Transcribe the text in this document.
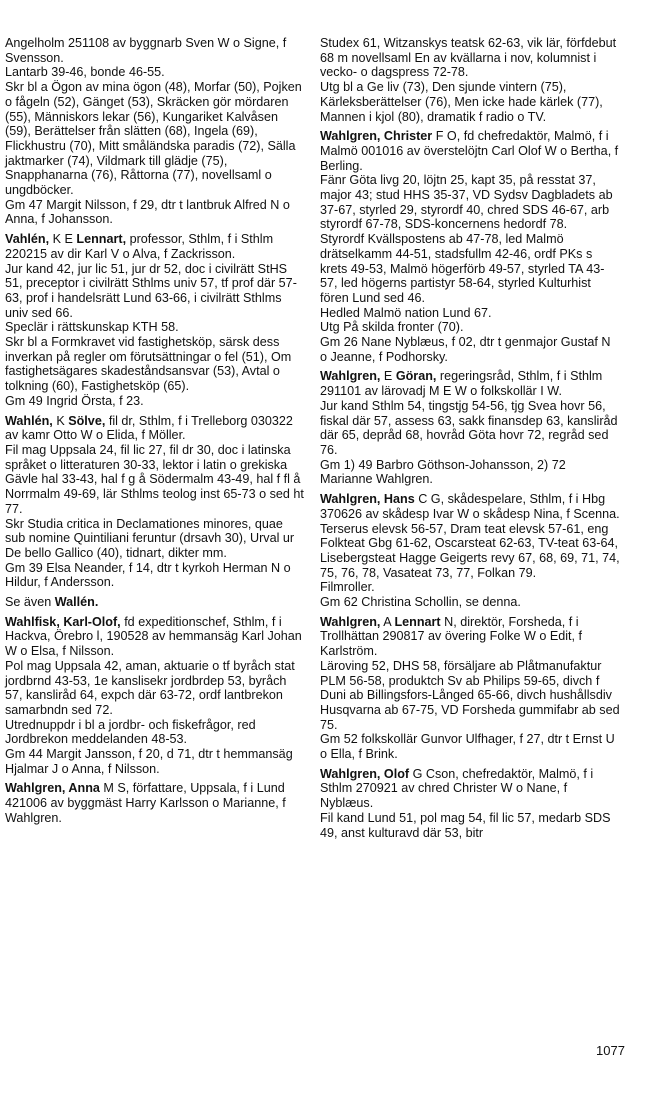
Angelholm 251108 av byggnarb Sven W o Signe, f Svensson.

Lantarb 39-46, bonde 46-55.

Skr bl a Ögon av mina ögon (48), Morfar (50), Pojken o fågeln (52), Gänget (53), Skräcken gör mördaren (55), Människors lekar (56), Kungariket Kalvåsen (59), Berättelser från slätten (68), Ingela (69), Flickhustru (70), Mitt småländska paradis (72), Sälla jaktmarker (74), Vildmark till glädje (75), Snapphanarna (76), Råttorna (77), novellsaml o ungdböcker.

Gm 47 Margit Nilsson, f 29, dtr t lantbruk Alfred N o Anna, f Johansson.

Vahlén, K E Lennart, professor, Sthlm, f i Sthlm 220215 av dir Karl V o Alva, f Zackrisson.

Jur kand 42, jur lic 51, jur dr 52, doc i civilrätt StHS 51, preceptor i civilrätt Sthlms univ 57, tf prof där 57-63, prof i handelsrätt Lund 63-66, i civilrätt Sthlms univ sed 66.

Speclär i rättskunskap KTH 58.

Skr bl a Formkravet vid fastighetsköp, särsk dess inverkan på regler om förutsättningar o fel (51), Om fastighetsägares skadeståndsansvar (53), Avtal o tolkning (60), Fastighetsköp (65).

Gm 49 Ingrid Örsta, f 23.

Wahlén, K Sölve, fil dr, Sthlm, f i Trelleborg 030322 av kamr Otto W o Elida, f Möller.

Fil mag Uppsala 24, fil lic 27, fil dr 30, doc i latinska språket o litteraturen 30-33, lektor i latin o grekiska Gävle hal 33-43, hal f g å Södermalm 43-49, hal f fl å Norrmalm 49-69, lär Sthlms teolog inst 65-73 o sed ht 77.

Skr Studia critica in Declamationes minores, quae sub nomine Quintiliani feruntur (drsavh 30), Urval ur De bello Gallico (40), tidnart, dikter mm.

Gm 39 Elsa Neander, f 14, dtr t kyrkoh Herman N o Hildur, f Andersson.

Se även Wallén.

Wahlfisk, Karl-Olof, fd expeditionschef, Sthlm, f i Hackva, Örebro l, 190528 av hemmansäg Karl Johan W o Elsa, f Nilsson.

Pol mag Uppsala 42, aman, aktuarie o tf byråch stat jordbrnd 43-53, 1e kanslisekr jordbrdep 53, byråch 57, kansliråd 64, expch där 63-72, ordf lantbrekon samarbndn sed 72.

Utrednuppdr i bl a jordbr- och fiskefrågor, red Jordbrekon meddelanden 48-53.

Gm 44 Margit Jansson, f 20, d 71, dtr t hemmansäg Hjalmar J o Anna, f Nilsson.

Wahlgren, Anna M S, författare, Uppsala, f i Lund 421006 av byggmäst Harry Karlsson o Marianne, f Wahlgren.

Studex 61, Witzanskys teatsk 62-63, vik lär, förfdebut 68 m novellsaml En av kvällarna i nov, kolumnist i vecko- o dagspress 72-78.

Utg bl a Ge liv (73), Den sjunde vintern (75), Kärleksberättelser (76), Men icke hade kärlek (77), Mannen i kjol (80), dramatik f radio o TV.

Wahlgren, Christer F O, fd chefredaktör, Malmö, f i Malmö 001016 av överstelöjtn Carl Olof W o Bertha, f Berling.

Fänr Göta livg 20, löjtn 25, kapt 35, på resstat 37, major 43; stud HHS 35-37, VD Sydsv Dagbladets ab 37-67, styrled 29, styrordf 40, chred SDS 46-67, arb styrordf 67-78, SDS-koncernens hedordf 78.

Styrordf Kvällspostens ab 47-78, led Malmö drätselkamm 44-51, stadsfullm 42-46, ordf PKs s krets 49-53, Malmö högerförb 49-57, styrled TA 43-57, led högerns partistyr 58-64, styrled Kulturhist fören Lund sed 46.

Hedled Malmö nation Lund 67.

Utg På skilda fronter (70).

Gm 26 Nane Nyblæus, f 02, dtr t genmajor Gustaf N o Jeanne, f Podhorsky.

Wahlgren, E Göran, regeringsråd, Sthlm, f i Sthlm 291101 av lärovadj M E W o folkskollär I W.

Jur kand Sthlm 54, tingstjg 54-56, tjg Svea hovr 56, fiskal där 57, assess 63, sakk finansdep 63, kansliråd där 65, depråd 68, hovråd Göta hovr 72, regråd sed 76.

Gm 1) 49 Barbro Göthson-Johansson, 2) 72 Marianne Wahlgren.

Wahlgren, Hans C G, skådespelare, Sthlm, f i Hbg 370626 av skådesp Ivar W o skådesp Nina, f Scenna.

Terserus elevsk 56-57, Dram teat elevsk 57-61, eng Folkteat Gbg 61-62, Oscarsteat 62-63, TV-teat 63-64, Lisebergsteat Hagge Geigerts revy 67, 68, 69, 71, 74, 75, 76, 78, Vasateat 73, 77, Folkan 79.

Filmroller.

Gm 62 Christina Schollin, se denna.

Wahlgren, A Lennart N, direktör, Forsheda, f i Trollhättan 290817 av övering Folke W o Edit, f Karlström.

Läroving 52, DHS 58, försäljare ab Plåtmanufaktur PLM 56-58, produktch Sv ab Philips 59-65, divch f Duni ab Billingsfors-Långed 65-66, divch hushållsdiv Husqvarna ab 67-75, VD Forsheda gummifabr ab sed 75.

Gm 52 folkskollär Gunvor Ulfhager, f 27, dtr t Ernst U o Ella, f Brink.

Wahlgren, Olof G Cson, chefredaktör, Malmö, f i Sthlm 270921 av chred Christer W o Nane, f Nyblæus.

Fil kand Lund 51, pol mag 54, fil lic 57, medarb SDS 49, anst kulturavd där 53, bitr

1077
